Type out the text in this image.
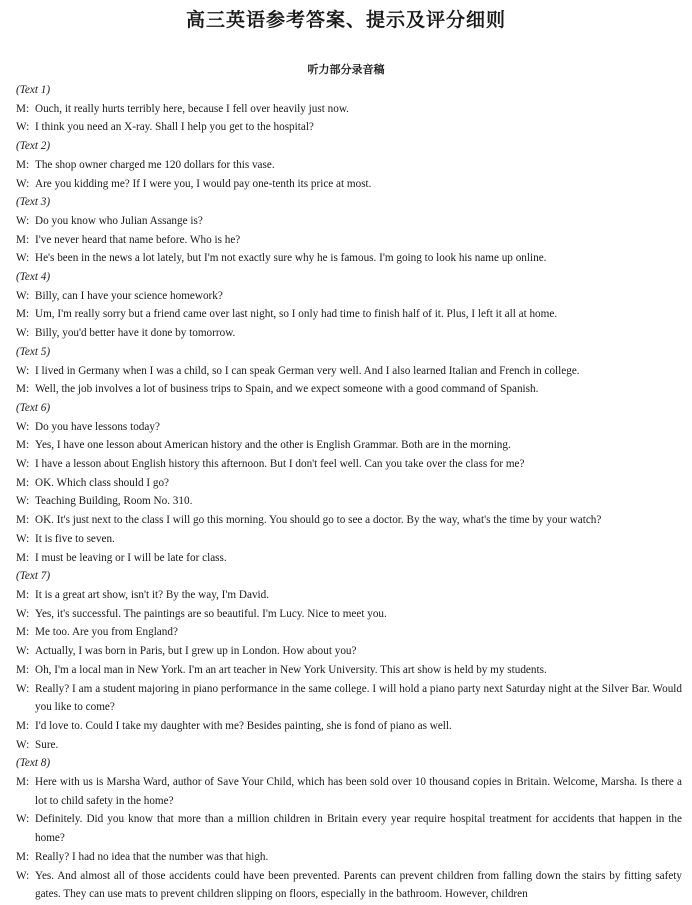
高三英语参考答案、提示及评分细则
听力部分录音稿
(Text 1)
M: Ouch, it really hurts terribly here, because I fell over heavily just now.
W: I think you need an X-ray. Shall I help you get to the hospital?
(Text 2)
M: The shop owner charged me 120 dollars for this vase.
W: Are you kidding me? If I were you, I would pay one-tenth its price at most.
(Text 3)
W: Do you know who Julian Assange is?
M: I've never heard that name before. Who is he?
W: He's been in the news a lot lately, but I'm not exactly sure why he is famous. I'm going to look his name up online.
(Text 4)
W: Billy, can I have your science homework?
M: Um, I'm really sorry but a friend came over last night, so I only had time to finish half of it. Plus, I left it all at home.
W: Billy, you'd better have it done by tomorrow.
(Text 5)
W: I lived in Germany when I was a child, so I can speak German very well. And I also learned Italian and French in college.
M: Well, the job involves a lot of business trips to Spain, and we expect someone with a good command of Spanish.
(Text 6)
W: Do you have lessons today?
M: Yes, I have one lesson about American history and the other is English Grammar. Both are in the morning.
W: I have a lesson about English history this afternoon. But I don't feel well. Can you take over the class for me?
M: OK. Which class should I go?
W: Teaching Building, Room No. 310.
M: OK. It's just next to the class I will go this morning. You should go to see a doctor. By the way, what's the time by your watch?
W: It is five to seven.
M: I must be leaving or I will be late for class.
(Text 7)
M: It is a great art show, isn't it? By the way, I'm David.
W: Yes, it's successful. The paintings are so beautiful. I'm Lucy. Nice to meet you.
M: Me too. Are you from England?
W: Actually, I was born in Paris, but I grew up in London. How about you?
M: Oh, I'm a local man in New York. I'm an art teacher in New York University. This art show is held by my students.
W: Really? I am a student majoring in piano performance in the same college. I will hold a piano party next Saturday night at the Silver Bar. Would you like to come?
M: I'd love to. Could I take my daughter with me? Besides painting, she is fond of piano as well.
W: Sure.
(Text 8)
M: Here with us is Marsha Ward, author of Save Your Child, which has been sold over 10 thousand copies in Britain. Welcome, Marsha. Is there a lot to child safety in the home?
W: Definitely. Did you know that more than a million children in Britain every year require hospital treatment for accidents that happen in the home?
M: Really? I had no idea that the number was that high.
W: Yes. And almost all of those accidents could have been prevented. Parents can prevent children from falling down the stairs by fitting safety gates. They can use mats to prevent children slipping on floors, especially in the bathroom. However, children
